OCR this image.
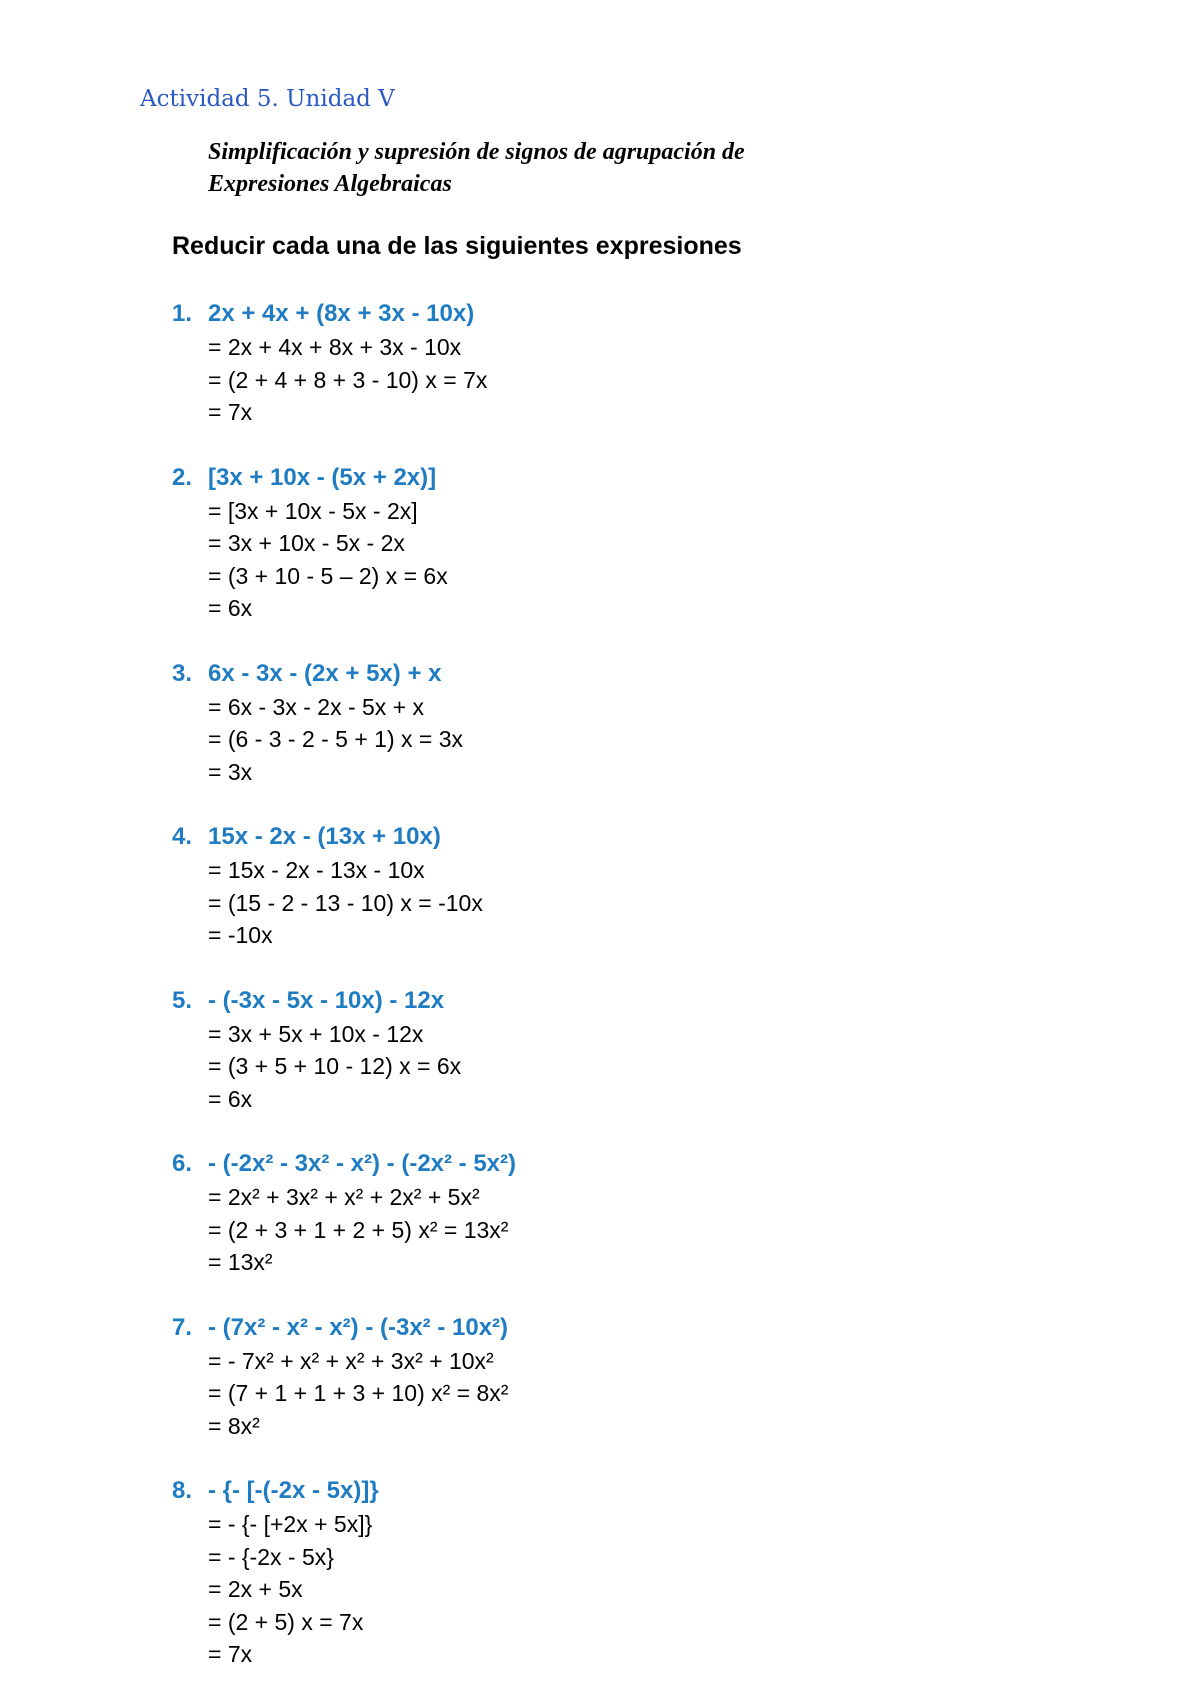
Actividad 5. Unidad V
Simplificación y supresión de signos de agrupación de
Expresiones Algebraicas
Reducir cada una de las siguientes expresiones
1. 2x + 4x + (8x + 3x - 10x)
= 2x + 4x + 8x + 3x - 10x
= (2 + 4 + 8 + 3 - 10) x = 7x
= 7x
2. [3x + 10x - (5x + 2x)]
= [3x + 10x - 5x - 2x]
= 3x + 10x - 5x - 2x
= (3 + 10 - 5 – 2) x = 6x
= 6x
3. 6x - 3x - (2x + 5x) + x
= 6x - 3x - 2x - 5x + x
= (6 - 3 - 2 - 5 + 1) x = 3x
= 3x
4. 15x - 2x - (13x + 10x)
= 15x - 2x - 13x - 10x
= (15 - 2 - 13 - 10) x = -10x
= -10x
5. - (-3x - 5x - 10x) - 12x
= 3x + 5x + 10x - 12x
= (3 + 5 + 10 - 12) x = 6x
= 6x
6. - (-2x² - 3x² - x²) - (-2x² - 5x²)
= 2x² + 3x² + x² + 2x² + 5x²
= (2 + 3 + 1 + 2 + 5) x² = 13x²
= 13x²
7. - (7x² - x² - x²) - (-3x² - 10x²)
= - 7x² + x² + x² + 3x² + 10x²
= (7 + 1 + 1 + 3 + 10) x² = 8x²
= 8x²
8. - {- [-(-2x - 5x)]}
= - {- [+2x + 5x]}
= - {-2x - 5x}
= 2x + 5x
= (2 + 5) x = 7x
= 7x
